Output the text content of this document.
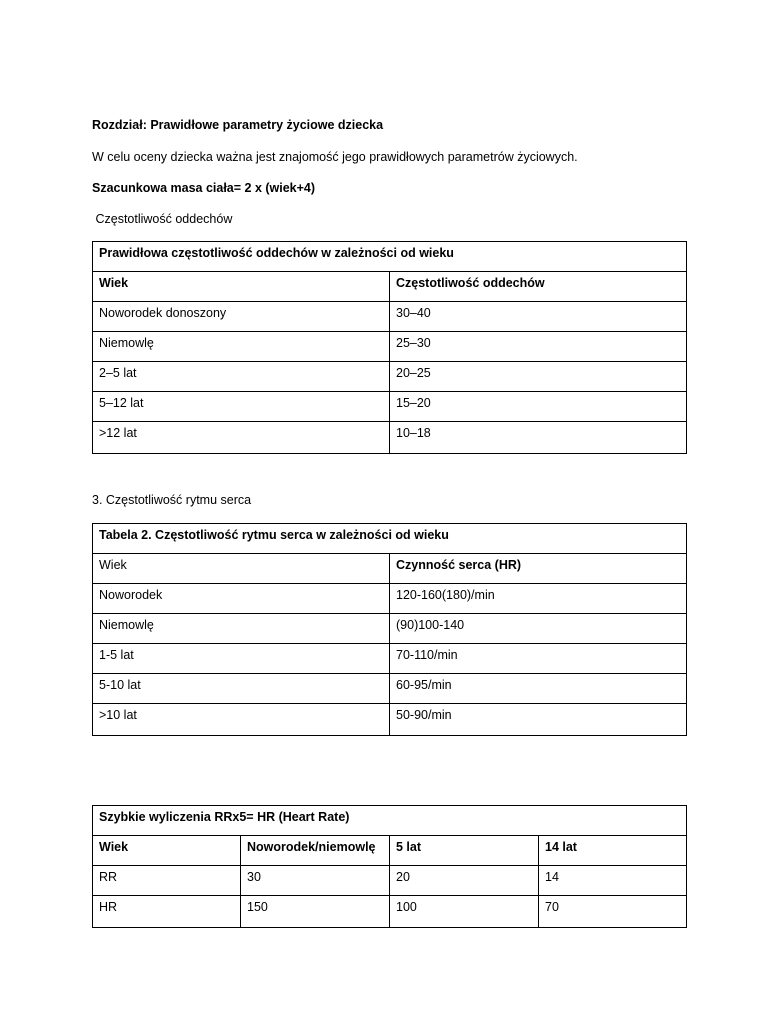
Rozdział: Prawidłowe parametry życiowe dziecka
W celu oceny dziecka ważna jest znajomość jego prawidłowych parametrów życiowych.
Szacunkowa masa ciała= 2 x (wiek+4)
Częstotliwość oddechów
Prawidłowa częstotliwość oddechów w zależności od wieku	
Wiek	Częstotliwość oddechów
Noworodek donoszony	30–40
Niemowlę	25–30
2–5 lat	20–25
5–12 lat	15–20
>12 lat	10–18
3. Częstotliwość rytmu serca
Tabela 2. Częstotliwość rytmu serca w zależności od wieku	
Wiek	Czynność serca (HR)
Noworodek	120-160(180)/min
Niemowlę	(90)100-140
1-5 lat	70-110/min
5-10 lat	60-95/min
>10 lat	50-90/min
Szybkie wyliczenia RRx5= HR (Heart Rate)			
Wiek	Noworodek/niemowlę	5 lat	14 lat
RR	30	20	14
HR	150	100	70
